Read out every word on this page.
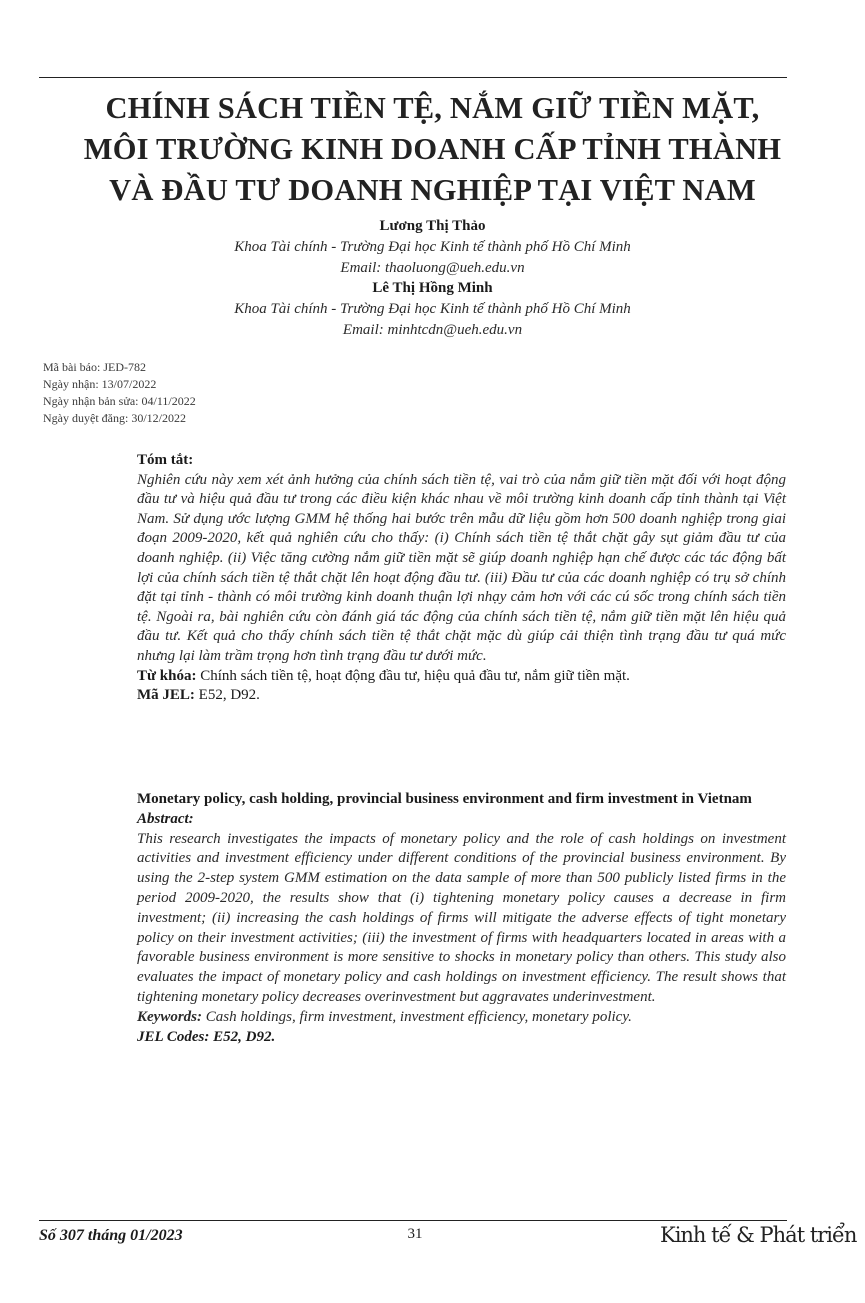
CHÍNH SÁCH TIỀN TỆ, NẮM GIỮ TIỀN MẶT,
MÔI TRƯỜNG KINH DOANH CẤP TỈNH THÀNH
VÀ ĐẦU TƯ DOANH NGHIỆP TẠI VIỆT NAM
Lương Thị Thảo
Khoa Tài chính - Trường Đại học Kinh tế thành phố Hồ Chí Minh
Email: thaoluong@ueh.edu.vn
Lê Thị Hồng Minh
Khoa Tài chính - Trường Đại học Kinh tế thành phố Hồ Chí Minh
Email: minhtcdn@ueh.edu.vn
Mã bài báo: JED-782
Ngày nhận: 13/07/2022
Ngày nhận bản sửa: 04/11/2022
Ngày duyệt đăng: 30/12/2022
Tóm tắt:
Nghiên cứu này xem xét ảnh hưởng của chính sách tiền tệ, vai trò của nắm giữ tiền mặt đối với hoạt động đầu tư và hiệu quả đầu tư trong các điều kiện khác nhau về môi trường kinh doanh cấp tỉnh thành tại Việt Nam. Sử dụng ước lượng GMM hệ thống hai bước trên mẫu dữ liệu gồm hơn 500 doanh nghiệp trong giai đoạn 2009-2020, kết quả nghiên cứu cho thấy: (i) Chính sách tiền tệ thắt chặt gây sụt giảm đầu tư của doanh nghiệp. (ii) Việc tăng cường nắm giữ tiền mặt sẽ giúp doanh nghiệp hạn chế được các tác động bất lợi của chính sách tiền tệ thắt chặt lên hoạt động đầu tư. (iii) Đầu tư của các doanh nghiệp có trụ sở chính đặt tại tỉnh - thành có môi trường kinh doanh thuận lợi nhạy cảm hơn với các cú sốc trong chính sách tiền tệ. Ngoài ra, bài nghiên cứu còn đánh giá tác động của chính sách tiền tệ, nắm giữ tiền mặt lên hiệu quả đầu tư. Kết quả cho thấy chính sách tiền tệ thắt chặt mặc dù giúp cải thiện tình trạng đầu tư quá mức nhưng lại làm trầm trọng hơn tình trạng đầu tư dưới mức.
Từ khóa: Chính sách tiền tệ, hoạt động đầu tư, hiệu quả đầu tư, nắm giữ tiền mặt.
Mã JEL: E52, D92.
Monetary policy, cash holding, provincial business environment and firm investment in Vietnam
Abstract:
This research investigates the impacts of monetary policy and the role of cash holdings on investment activities and investment efficiency under different conditions of the provincial business environment. By using the 2-step system GMM estimation on the data sample of more than 500 publicly listed firms in the period 2009-2020, the results show that (i) tightening monetary policy causes a decrease in firm investment; (ii) increasing the cash holdings of firms will mitigate the adverse effects of tight monetary policy on their investment activities; (iii) the investment of firms with headquarters located in areas with a favorable business environment is more sensitive to shocks in monetary policy than others. This study also evaluates the impact of monetary policy and cash holdings on investment efficiency. The result shows that tightening monetary policy decreases overinvestment but aggravates underinvestment.
Keywords: Cash holdings, firm investment, investment efficiency, monetary policy.
JEL Codes: E52, D92.
Số 307 tháng 01/2023	31	Kinh tế & Phát triển
